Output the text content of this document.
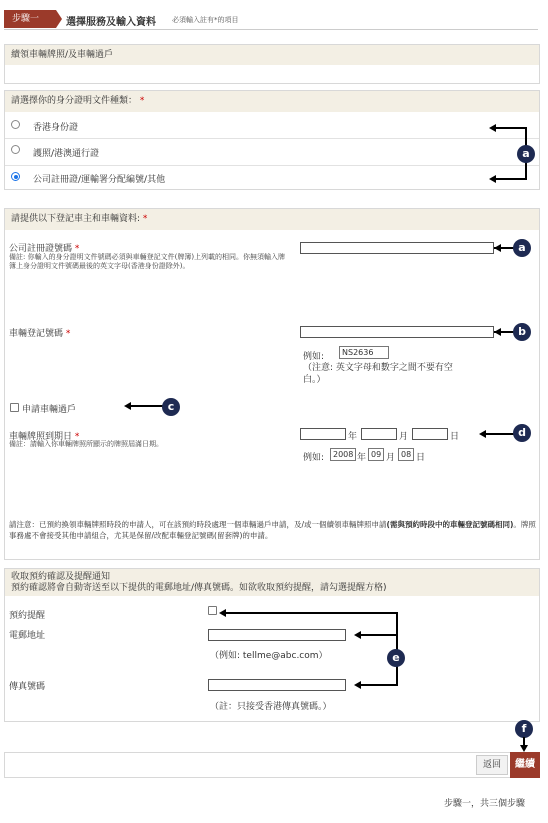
步驟一	選擇服務及輸入資料 必須輸入註有*的項目
續領車輛牌照/及車輛過戶
請選擇你的身分證明文件種類： *
香港身份證
護照/港澳通行證
公司註冊證/運輸署分配編號/其他
a
請提供以下登記車主和車輛資料: *
公司註冊證號碼 *
備註: 你輸入的身分證明文件號碼必須與車輛登記文件(牌簿)上列載的相同。你無須輸入牌簿上身分證明文件號碼最後的英文字母(香港身份證除外)。
a
車輛登記號碼 *	b
例如:	NS2636
（注意: 英文字母和數字之間不要有空白。）
申請車輛過戶	c
車輛牌照到期日 *
備註：請輸入你車輛牌照所顯示的牌照屆滿日期。
年	月	日	d
例如:	2008 年 09 月 08 日
請注意：已預約換領車輛牌照時段的申請人，可在該預約時段處理一個車輛過戶申請，及/或一個續領車輛牌照申請(需與預約時段中的車輛登記號碼相同)。牌照事務處不會接受其他申請組合，尤其是保留/改配車輛登記號碼(留套牌)的申請。
收取預約確認及提醒通知
預約確認將會自動寄送至以下提供的電郵地址/傳真號碼。如欲收取預約提醒，請勾選提醒方格)
預約提醒
電郵地址
（例如: tellme@abc.com）
傳真號碼
（註：只接受香港傳真號碼。）
e
返回	繼續
f
步驟一，共三個步驟
